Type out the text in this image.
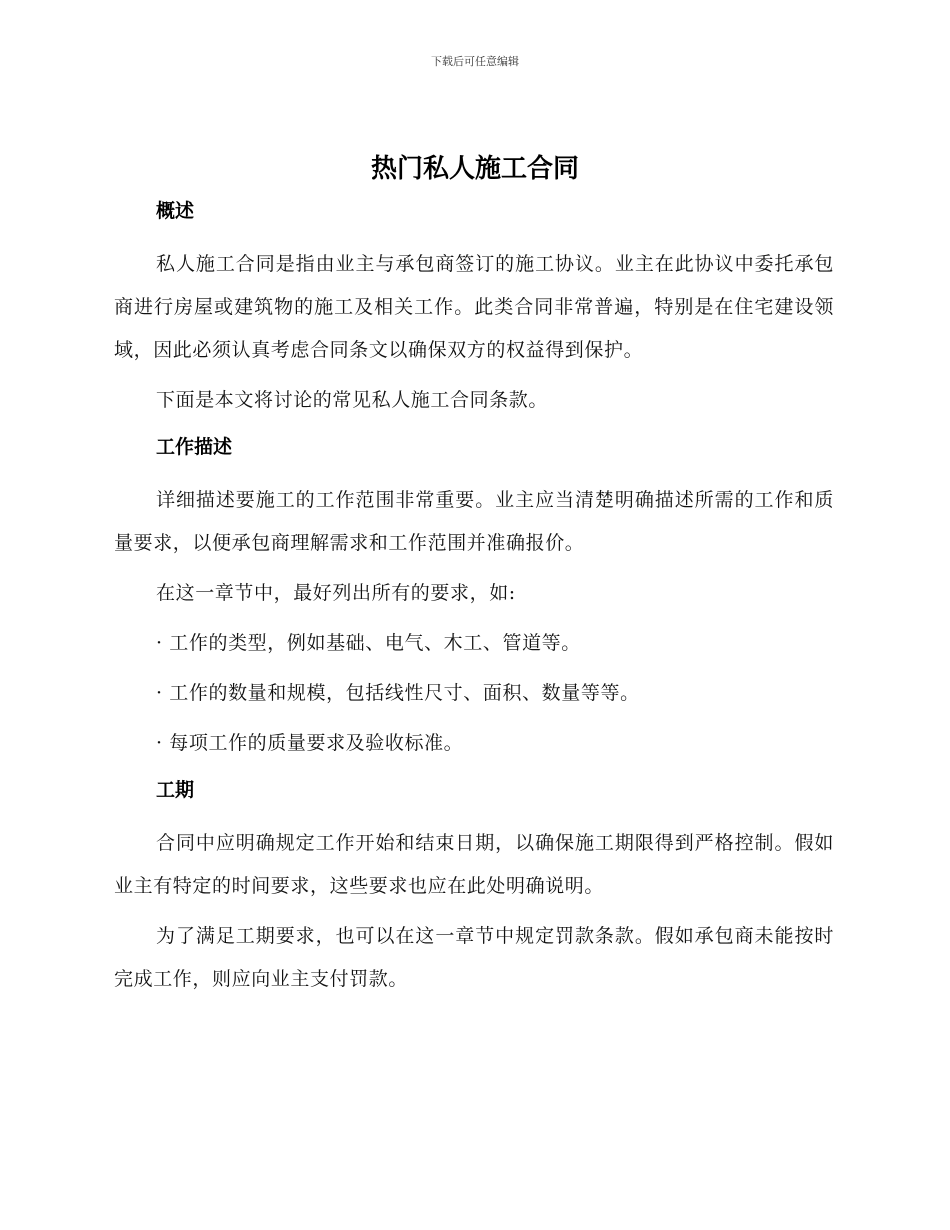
下载后可任意编辑
热门私人施工合同
概述

私人施工合同是指由业主与承包商签订的施工协议。业主在此协议中委托承包商进行房屋或建筑物的施工及相关工作。此类合同非常普遍，特别是在住宅建设领域，因此必须认真考虑合同条文以确保双方的权益得到保护。

下面是本文将讨论的常见私人施工合同条款。

工作描述

详细描述要施工的工作范围非常重要。业主应当清楚明确描述所需的工作和质量要求，以便承包商理解需求和工作范围并准确报价。

在这一章节中，最好列出所有的要求，如:

· 工作的类型，例如基础、电气、木工、管道等。
· 工作的数量和规模，包括线性尺寸、面积、数量等等。
· 每项工作的质量要求及验收标准。
工期

合同中应明确规定工作开始和结束日期，以确保施工期限得到严格控制。假如业主有特定的时间要求，这些要求也应在此处明确说明。

为了满足工期要求，也可以在这一章节中规定罚款条款。假如承包商未能按时完成工作，则应向业主支付罚款。
